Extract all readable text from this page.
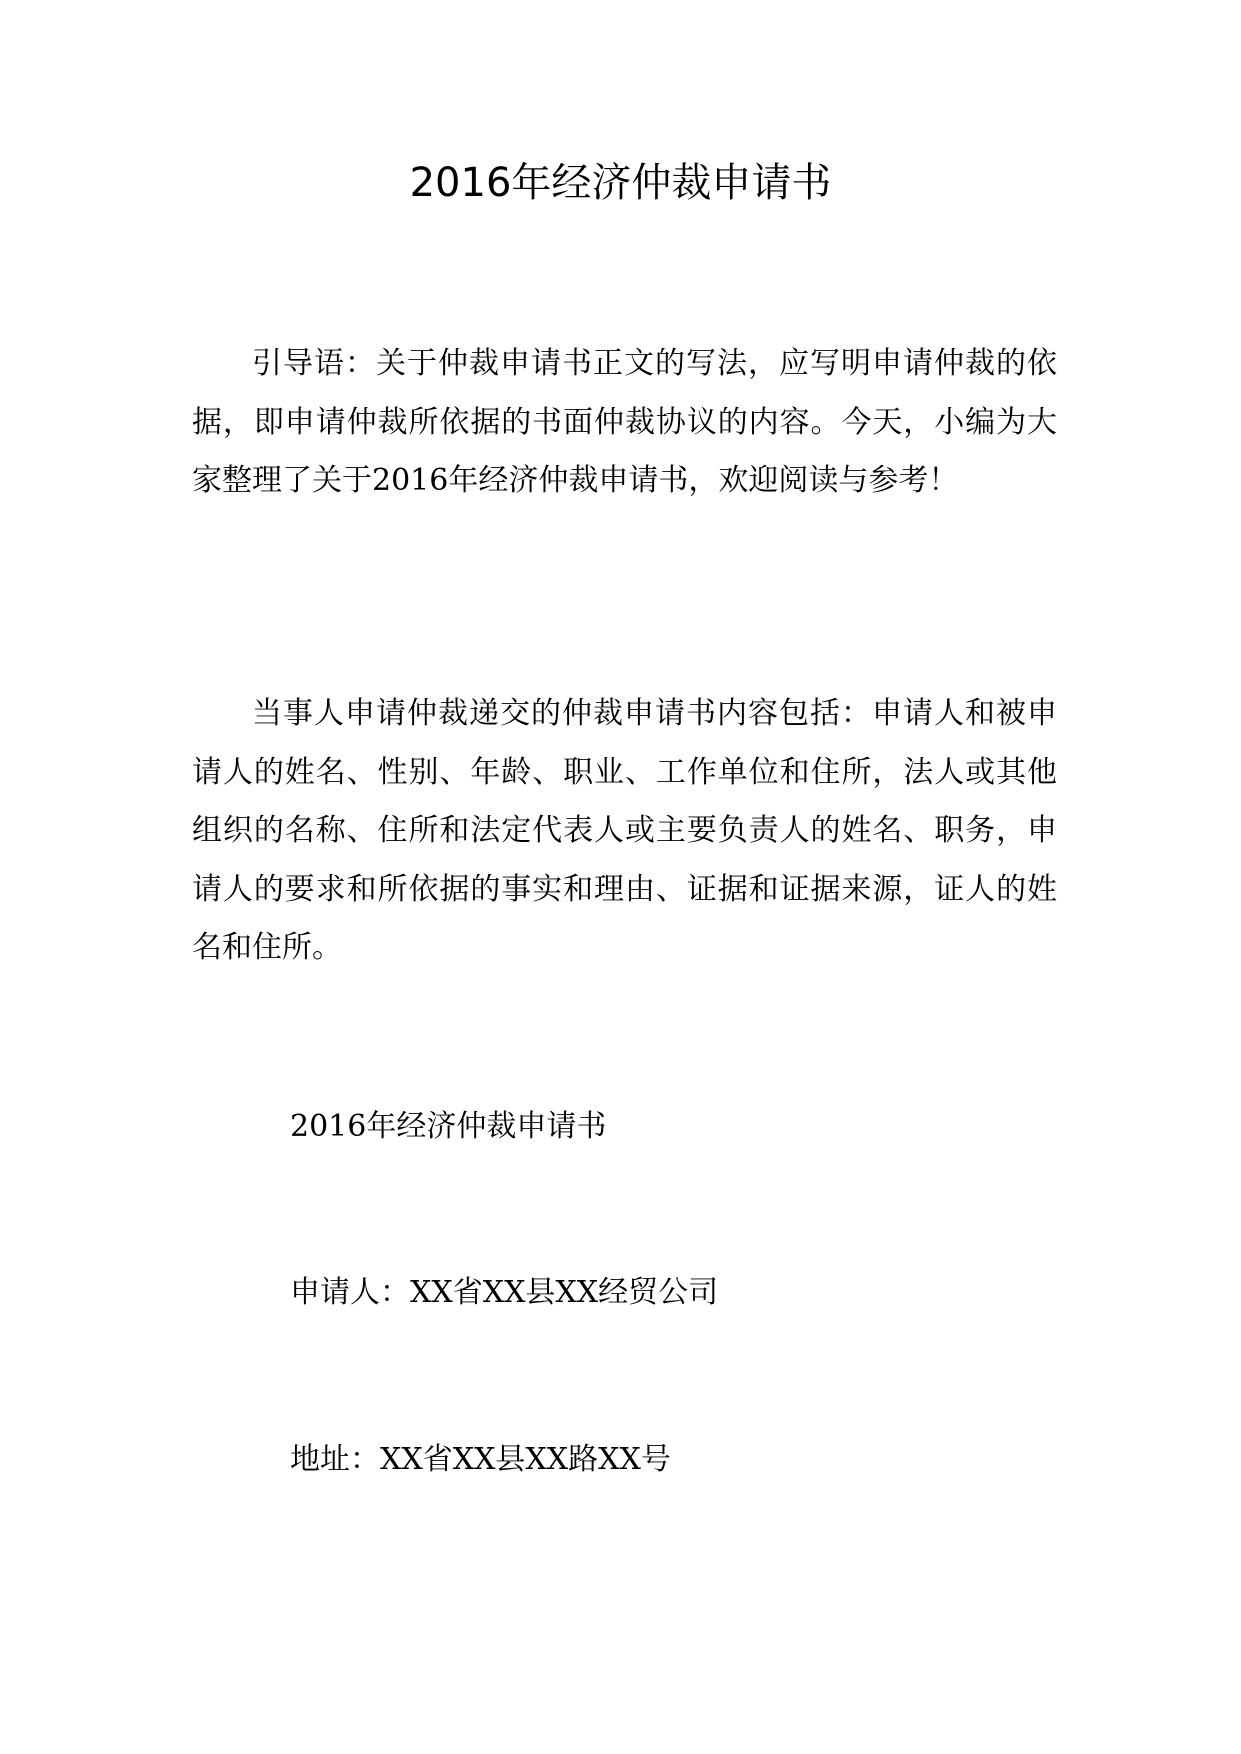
2016年经济仲裁申请书

引导语：关于仲裁申请书正文的写法，应写明申请仲裁的依据，即申请仲裁所依据的书面仲裁协议的内容。今天，小编为大家整理了关于2016年经济仲裁申请书，欢迎阅读与参考！

当事人申请仲裁递交的仲裁申请书内容包括：申请人和被申请人的姓名、性别、年龄、职业、工作单位和住所，法人或其他组织的名称、住所和法定代表人或主要负责人的姓名、职务，申请人的要求和所依据的事实和理由、证据和证据来源，证人的姓名和住所。

2016年经济仲裁申请书

申请人：XX省XX县XX经贸公司

地址：XX省XX县XX路XX号
